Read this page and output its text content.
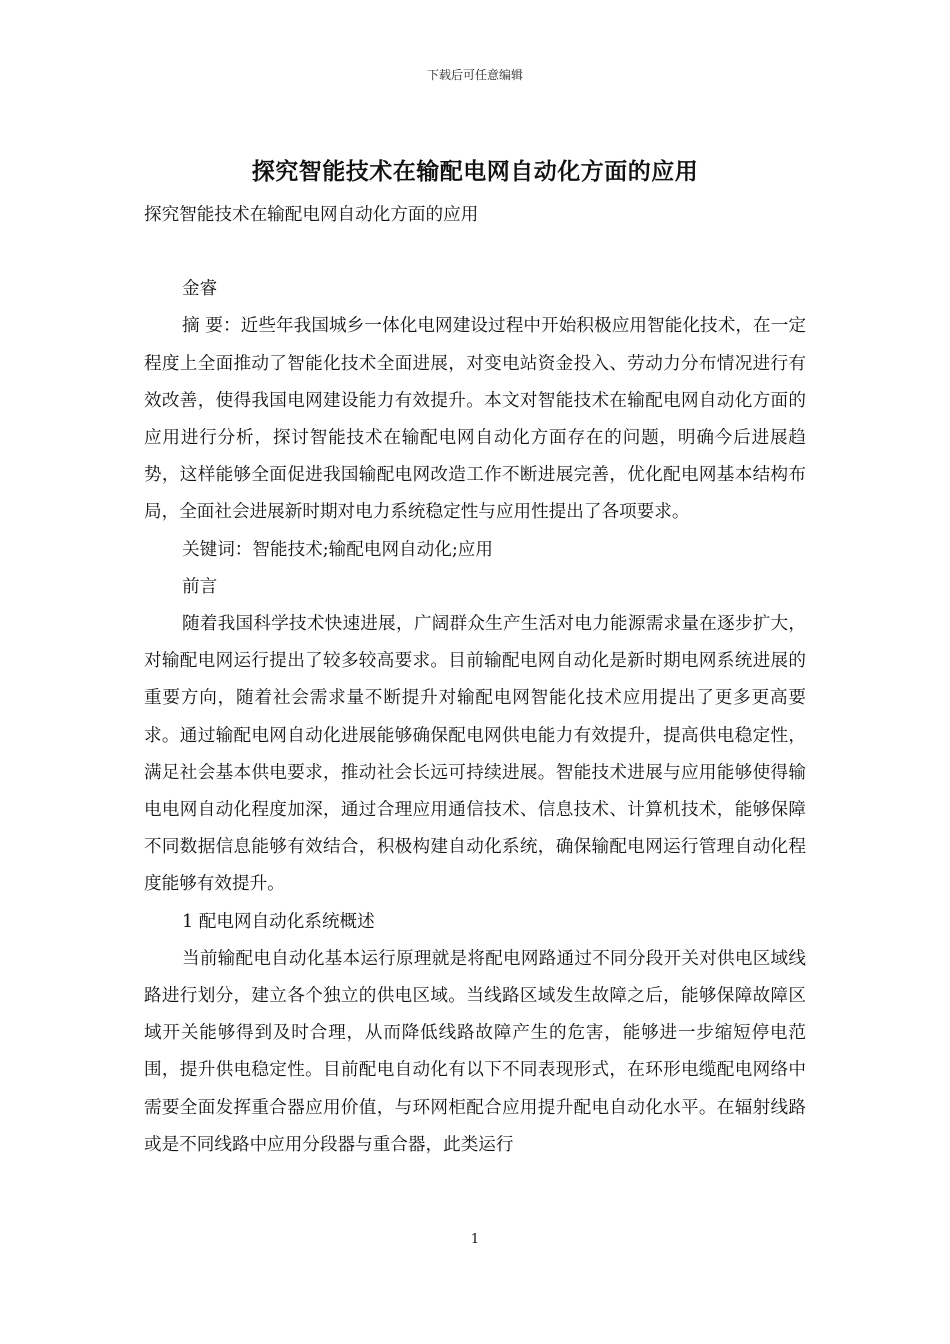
下载后可任意编辑
探究智能技术在输配电网自动化方面的应用

探究智能技术在输配电网自动化方面的应用

金睿

摘 要：近些年我国城乡一体化电网建设过程中开始积极应用智能化技术，在一定程度上全面推动了智能化技术全面进展，对变电站资金投入、劳动力分布情况进行有效改善，使得我国电网建设能力有效提升。本文对智能技术在输配电网自动化方面的应用进行分析，探讨智能技术在输配电网自动化方面存在的问题，明确今后进展趋势，这样能够全面促进我国输配电网改造工作不断进展完善，优化配电网基本结构布局，全面社会进展新时期对电力系统稳定性与应用性提出了各项要求。

关键词：智能技术;输配电网自动化;应用

前言

随着我国科学技术快速进展，广阔群众生产生活对电力能源需求量在逐步扩大，对输配电网运行提出了较多较高要求。目前输配电网自动化是新时期电网系统进展的重要方向，随着社会需求量不断提升对输配电网智能化技术应用提出了更多更高要求。通过输配电网自动化进展能够确保配电网供电能力有效提升，提高供电稳定性，满足社会基本供电要求，推动社会长远可持续进展。智能技术进展与应用能够使得输电电网自动化程度加深，通过合理应用通信技术、信息技术、计算机技术，能够保障不同数据信息能够有效结合，积极构建自动化系统，确保输配电网运行管理自动化程度能够有效提升。

1 配电网自动化系统概述

当前输配电自动化基本运行原理就是将配电网路通过不同分段开关对供电区域线路进行划分，建立各个独立的供电区域。当线路区域发生故障之后，能够保障故障区域开关能够得到及时合理，从而降低线路故障产生的危害，能够进一步缩短停电范围，提升供电稳定性。目前配电自动化有以下不同表现形式，在环形电缆配电网络中需要全面发挥重合器应用价值，与环网柜配合应用提升配电自动化水平。在辐射线路或是不同线路中应用分段器与重合器，此类运行

1
